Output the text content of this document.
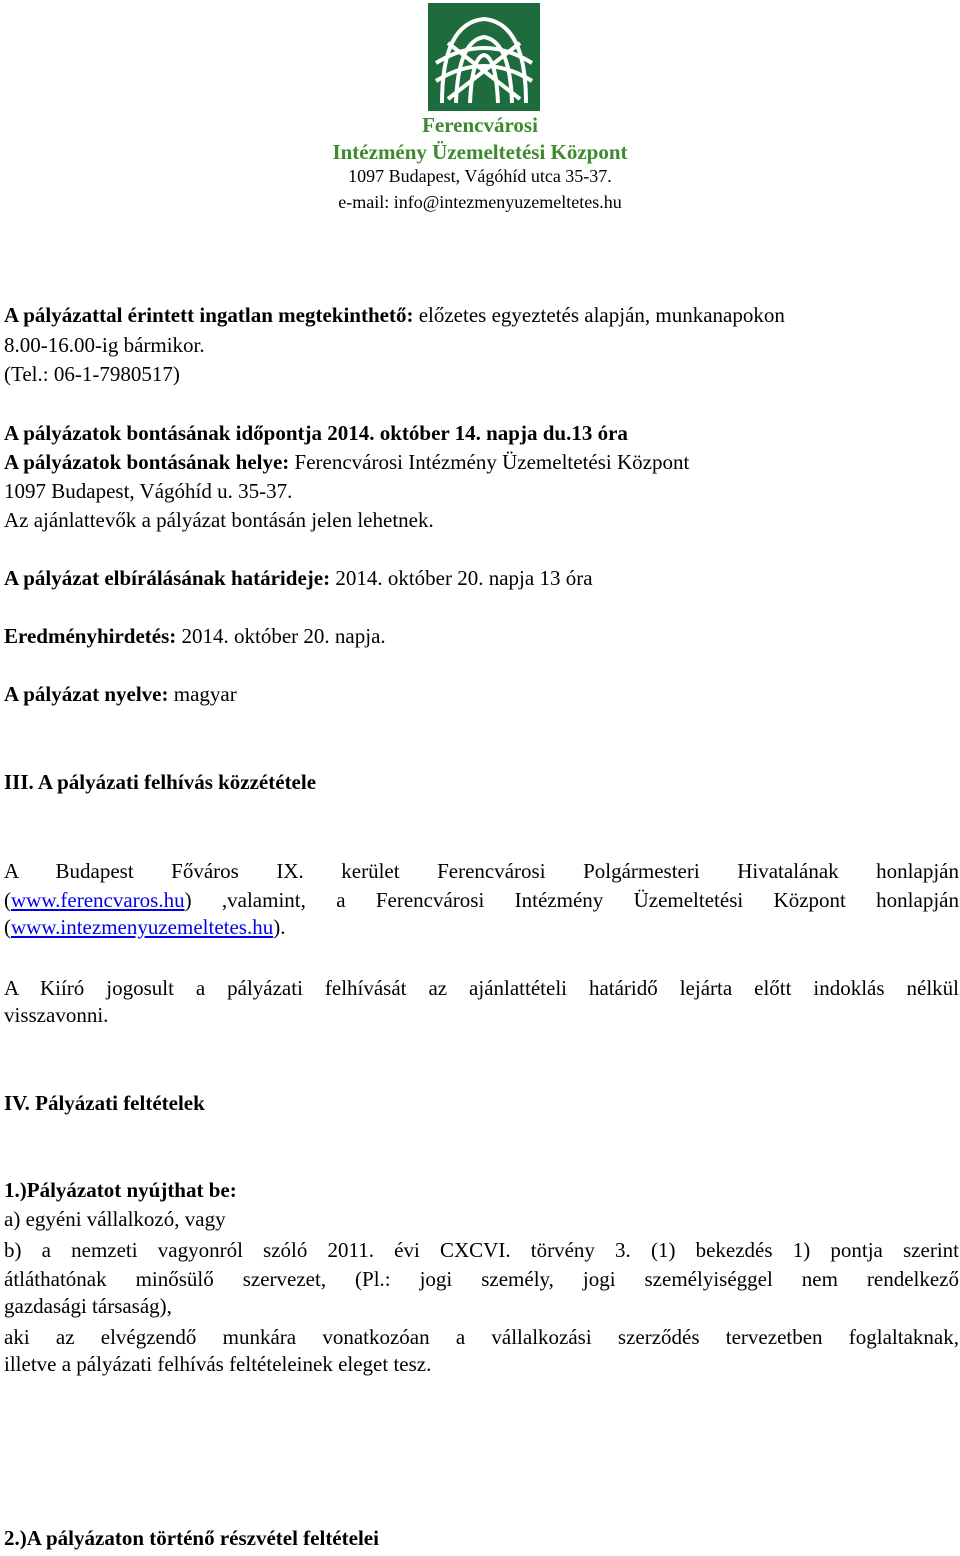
Ferencvárosi
Intézmény Üzemeltetési Központ
1097 Budapest, Vágóhíd utca 35-37.
e-mail: info@intezmenyuzemeltetes.hu
A pályázattal érintett ingatlan megtekinthető: előzetes egyeztetés alapján, munkanapokon
8.00-16.00-ig bármikor.
(Tel.: 06-1-7980517)
A pályázatok bontásának időpontja 2014. október 14. napja du.13 óra
A pályázatok bontásának helye: Ferencvárosi Intézmény Üzemeltetési Központ
1097 Budapest, Vágóhíd u. 35-37.
Az ajánlattevők a pályázat bontásán jelen lehetnek.
A pályázat elbírálásának határideje: 2014. október 20. napja 13 óra
Eredményhirdetés: 2014. október 20. napja.
A pályázat nyelve: magyar
III. A pályázati felhívás közzététele
A Budapest Főváros IX. kerület Ferencvárosi Polgármesteri Hivatalának honlapján
(www.ferencvaros.hu) ,valamint, a Ferencvárosi Intézmény Üzemeltetési Központ honlapján
(www.intezmenyuzemeltetes.hu).
A Kiíró jogosult a pályázati felhívását az ajánlattételi határidő lejárta előtt indoklás nélkül
visszavonni.
IV. Pályázati feltételek
1.)Pályázatot nyújthat be:
a) egyéni vállalkozó, vagy
b) a nemzeti vagyonról szóló 2011. évi CXCVI. törvény 3. (1) bekezdés 1) pontja szerint
átláthatónak minősülő szervezet, (Pl.: jogi személy, jogi személyiséggel nem rendelkező
gazdasági társaság),
aki az elvégzendő munkára vonatkozóan a vállalkozási szerződés tervezetben foglaltaknak,
illetve a pályázati felhívás feltételeinek eleget tesz.
2.)A pályázaton történő részvétel feltételei
